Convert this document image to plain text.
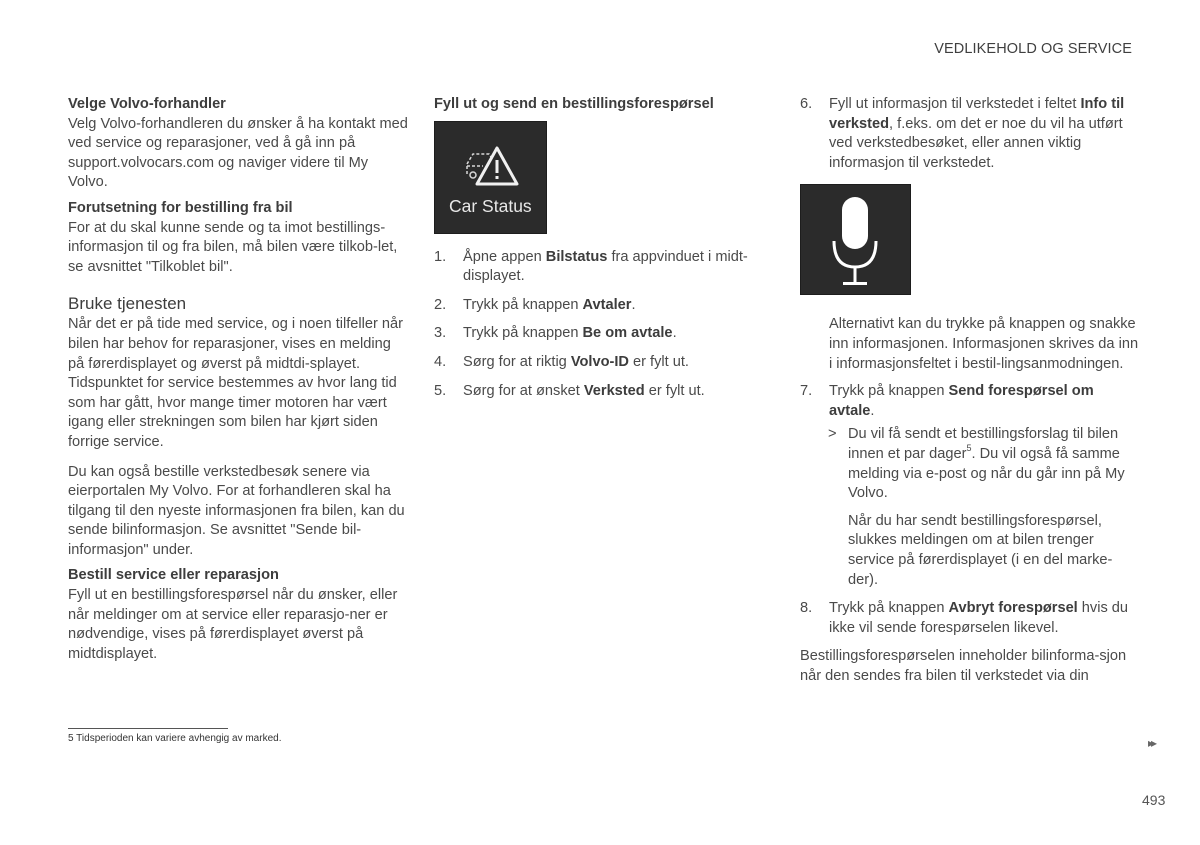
VEDLIKEHOLD OG SERVICE

Velge Volvo-forhandler

Velg Volvo-forhandleren du ønsker å ha kontakt med ved service og reparasjoner, ved å gå inn på support.volvocars.com og naviger videre til My Volvo.

Forutsetning for bestilling fra bil

For at du skal kunne sende og ta imot bestillings-informasjon til og fra bilen, må bilen være tilkob-let, se avsnittet "Tilkoblet bil".

Bruke tjenesten

Når det er på tide med service, og i noen tilfeller når bilen har behov for reparasjoner, vises en melding på førerdisplayet og øverst på midtdi-splayet. Tidspunktet for service bestemmes av hvor lang tid som har gått, hvor mange timer motoren har vært igang eller strekningen som bilen har kjørt siden forrige service.

Du kan også bestille verkstedbesøk senere via eierportalen My Volvo. For at forhandleren skal ha tilgang til den nyeste informasjonen fra bilen, kan du sende bilinformasjon. Se avsnittet "Sende bil-informasjon" under.

Bestill service eller reparasjon

Fyll ut en bestillingsforespørsel når du ønsker, eller når meldinger om at service eller reparasjo-ner er nødvendige, vises på førerdisplayet øverst på midtdisplayet.

Fyll ut og send en bestillingsforespørsel

Car Status
1. Åpne appen Bilstatus fra appvinduet i midt-displayet.
2. Trykk på knappen Avtaler.
3. Trykk på knappen Be om avtale.
4. Sørg for at riktig Volvo-ID er fylt ut.
5. Sørg for at ønsket Verksted er fylt ut.
6. Fyll ut informasjon til verkstedet i feltet Info til verksted, f.eks. om det er noe du vil ha utført ved verkstedbesøket, eller annen viktig informasjon til verkstedet.

Alternativt kan du trykke på knappen og snakke inn informasjonen. Informasjonen skrives da inn i informasjonsfeltet i bestil-lingsanmodningen.

7. Trykk på knappen Send forespørsel om avtale.
> Du vil få sendt et bestillingsforslag til bilen innen et par dager$^5$. Du vil også få samme melding via e-post og når du går inn på My Volvo.

Når du har sendt bestillingsforespørsel, slukkes meldingen om at bilen trenger service på førerdisplayet (i en del marke-der).

8. Trykk på knappen Avbryt forespørsel hvis du ikke vil sende forespørselen likevel.

Bestillingsforespørselen inneholder bilinforma-sjon når den sendes fra bilen til verkstedet via din

5 Tidsperioden kan variere avhengig av marked.	▸▸
493
